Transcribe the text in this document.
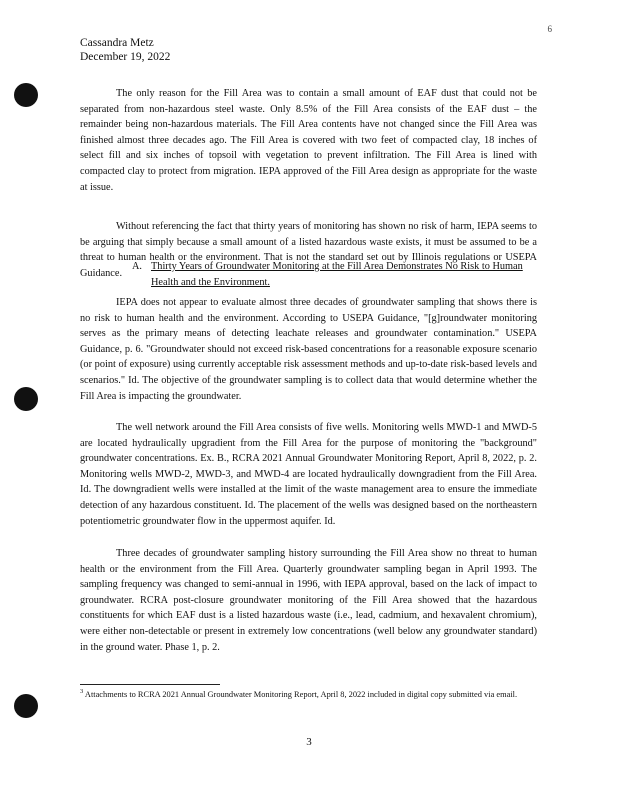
6
Cassandra Metz
December 19, 2022

The only reason for the Fill Area was to contain a small amount of EAF dust that could not be separated from non-hazardous steel waste. Only 8.5% of the Fill Area consists of the EAF dust – the remainder being non-hazardous materials. The Fill Area contents have not changed since the Fill Area was finished almost three decades ago. The Fill Area is covered with two feet of compacted clay, 18 inches of select fill and six inches of topsoil with vegetation to prevent infiltration. The Fill Area is lined with compacted clay to protect from migration. IEPA approved of the Fill Area design as appropriate for the waste at issue.

Without referencing the fact that thirty years of monitoring has shown no risk of harm, IEPA seems to be arguing that simply because a small amount of a listed hazardous waste exists, it must be assumed to be a threat to human health or the environment. That is not the standard set out by Illinois regulations or USEPA Guidance.

A. Thirty Years of Groundwater Monitoring at the Fill Area Demonstrates No Risk to Human Health and the Environment.

IEPA does not appear to evaluate almost three decades of groundwater sampling that shows there is no risk to human health and the environment. According to USEPA Guidance, "[g]roundwater monitoring serves as the primary means of detecting leachate releases and groundwater contamination." USEPA Guidance, p. 6. "Groundwater should not exceed risk-based concentrations for a reasonable exposure scenario (or point of exposure) using currently acceptable risk assessment methods and up-to-date risk-based levels and scenarios." Id. The objective of the groundwater sampling is to collect data that would determine whether the Fill Area is impacting the groundwater.

The well network around the Fill Area consists of five wells. Monitoring wells MWD-1 and MWD-5 are located hydraulically upgradient from the Fill Area for the purpose of monitoring the "background" groundwater concentrations. Ex. B., RCRA 2021 Annual Groundwater Monitoring Report, April 8, 2022, p. 2. Monitoring wells MWD-2, MWD-3, and MWD-4 are located hydraulically downgradient from the Fill Area. Id. The downgradient wells were installed at the limit of the waste management area to ensure the immediate detection of any hazardous constituent. Id. The placement of the wells was designed based on the northeastern potentiometric groundwater flow in the uppermost aquifer. Id.

Three decades of groundwater sampling history surrounding the Fill Area show no threat to human health or the environment from the Fill Area. Quarterly groundwater sampling began in April 1993. The sampling frequency was changed to semi-annual in 1996, with IEPA approval, based on the lack of impact to groundwater. RCRA post-closure groundwater monitoring of the Fill Area showed that the hazardous constituents for which EAF dust is a listed hazardous waste (i.e., lead, cadmium, and hexavalent chromium), were either non-detectable or present in extremely low concentrations (well below any groundwater standard) in the ground water. Phase 1, p. 2.

$^3$ Attachments to RCRA 2021 Annual Groundwater Monitoring Report, April 8, 2022 included in digital copy submitted via email.

3
